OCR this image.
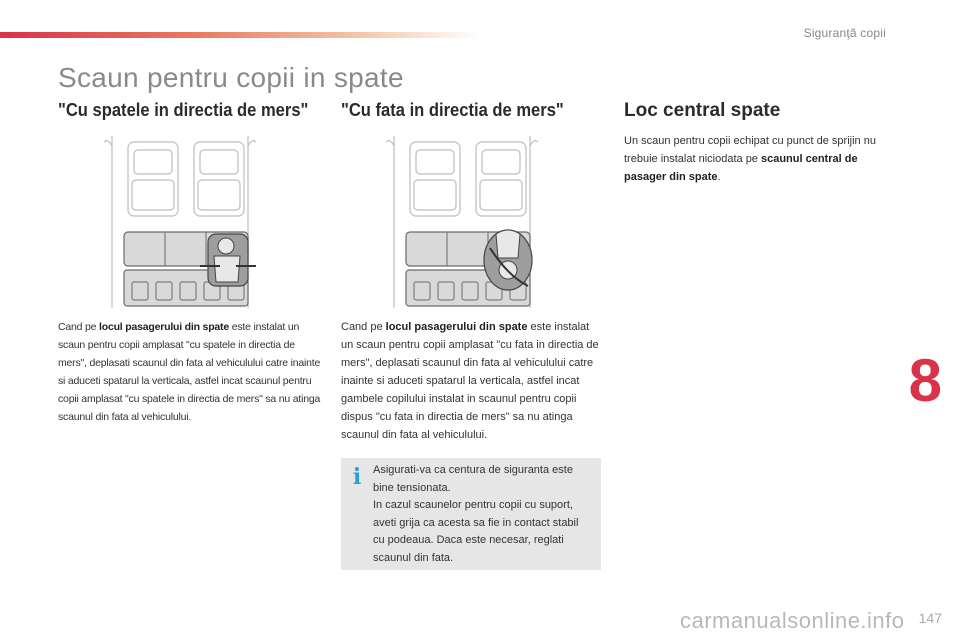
Siguranţă copii
Scaun pentru copii in spate
"Cu spatele in directia de mers" "Cu fata in directia de mers"	Loc central spate
Cand pe locul pasagerului din spate este instalat un scaun pentru copii amplasat "cu spatele in directia de mers", deplasati scaunul din fata al vehiculului catre inainte si aduceti spatarul la verticala, astfel incat scaunul pentru copii amplasat "cu spatele in directia de mers" sa nu atinga scaunul din fata al vehiculului.
Cand pe locul pasagerului din spate este instalat un scaun pentru copii amplasat "cu fata in directia de mers", deplasati scaunul din fata al vehiculului catre inainte si aduceti spatarul la verticala, astfel incat gambele copilului instalat in scaunul pentru copii dispus "cu fata in directia de mers" sa nu atinga scaunul din fata al vehiculului.
Un scaun pentru copii echipat cu punct de sprijin nu trebuie instalat niciodata pe scaunul central de pasager din spate.
i	Asigurati-va ca centura de siguranta este bine tensionata.
In cazul scaunelor pentru copii cu suport, aveti grija ca acesta sa fie in contact stabil cu podeaua. Daca este necesar, reglati scaunul din fata.
8
147
carmanualsonline.info
